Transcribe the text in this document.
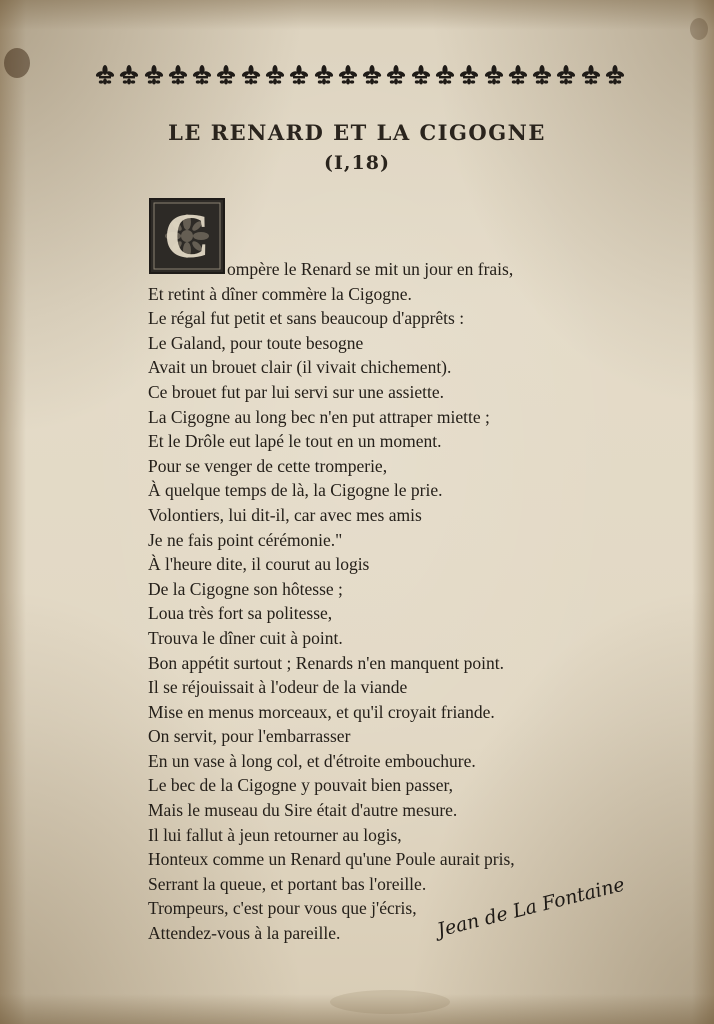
LE RENARD ET LA CIGOGNE
(I,18)
C ompère le Renard se mit un jour en frais,
Et retint à dîner commère la Cigogne.
Le régal fut petit et sans beaucoup d'apprêts :
Le Galand, pour toute besogne
Avait un brouet clair (il vivait chichement).
Ce brouet fut par lui servi sur une assiette.
La Cigogne au long bec n'en put attraper miette ;
Et le Drôle eut lapé le tout en un moment.
Pour se venger de cette tromperie,
À quelque temps de là, la Cigogne le prie.
Volontiers, lui dit-il, car avec mes amis
Je ne fais point cérémonie."
À l'heure dite, il courut au logis
De la Cigogne son hôtesse ;
Loua très fort sa politesse,
Trouva le dîner cuit à point.
Bon appétit surtout ; Renards n'en manquent point.
Il se réjouissait à l'odeur de la viande
Mise en menus morceaux, et qu'il croyait friande.
On servit, pour l'embarrasser
En un vase à long col, et d'étroite embouchure.
Le bec de la Cigogne y pouvait bien passer,
Mais le museau du Sire était d'autre mesure.
Il lui fallut à jeun retourner au logis,
Honteux comme un Renard qu'une Poule aurait pris,
Serrant la queue, et portant bas l'oreille.
Trompeurs, c'est pour vous que j'écris,
Attendez-vous à la pareille.	Jean de La Fontaine
